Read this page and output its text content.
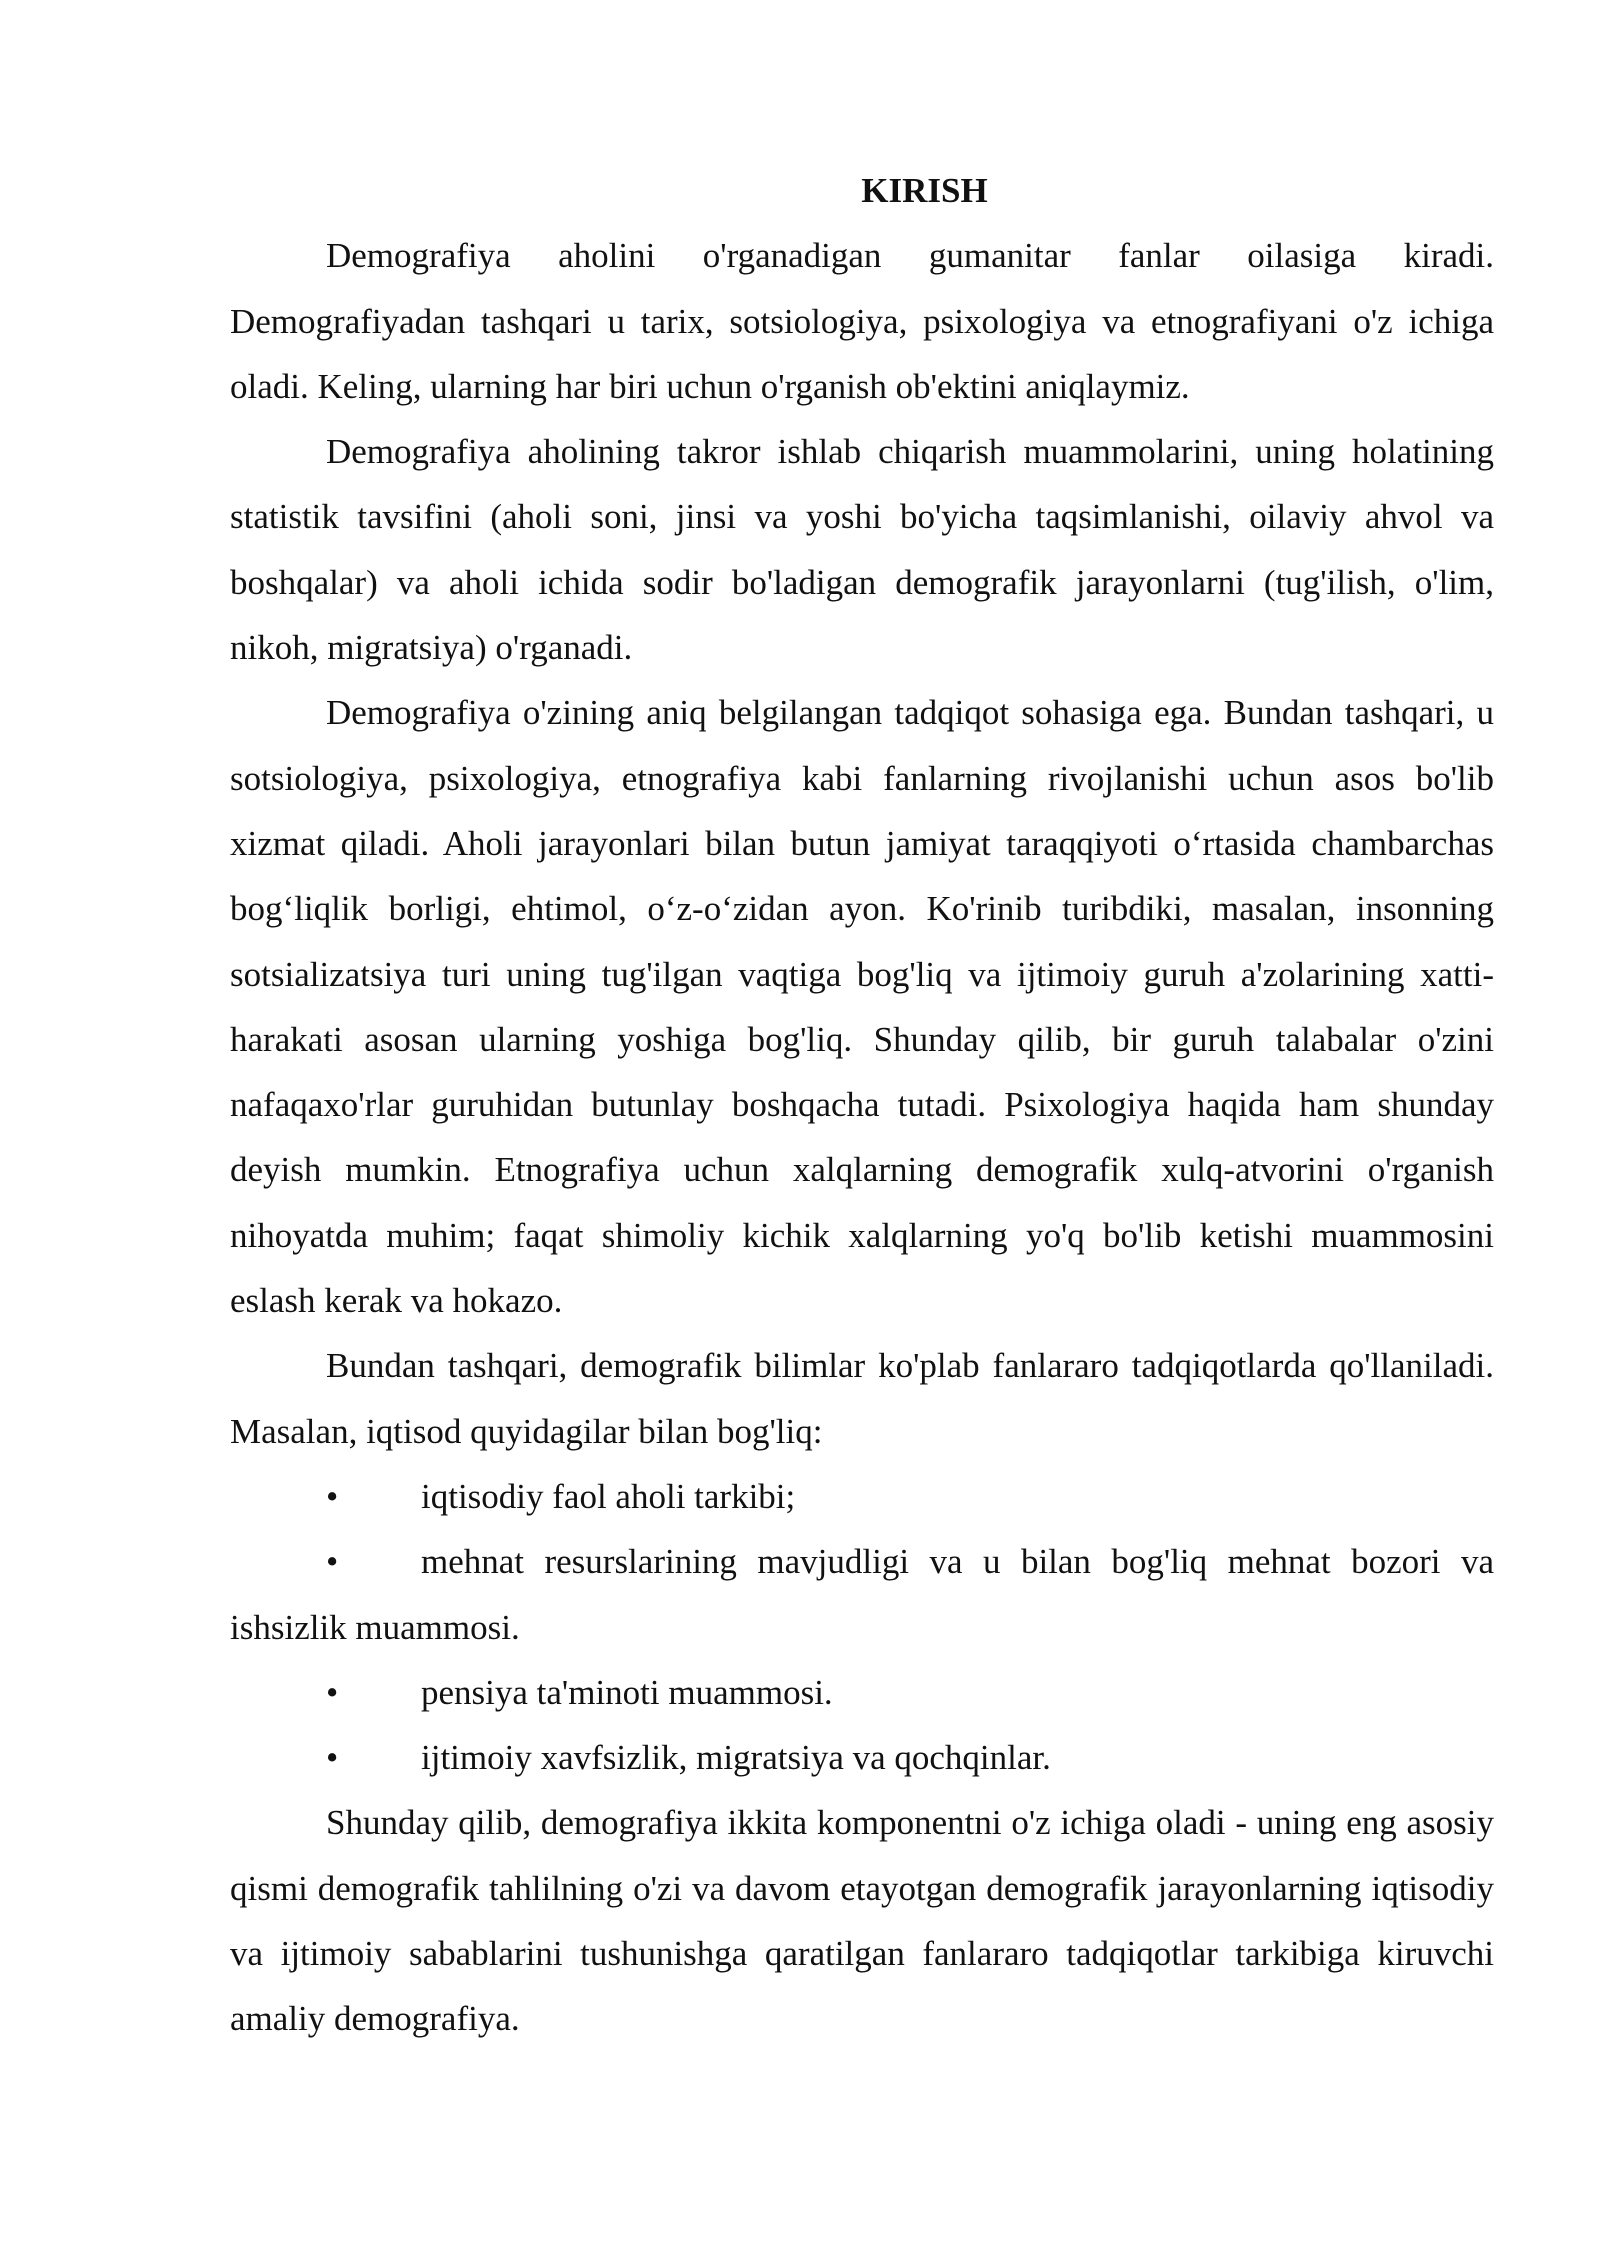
KIRISH

Demografiya aholini o'rganadigan gumanitar fanlar oilasiga kiradi. Demografiyadan tashqari u tarix, sotsiologiya, psixologiya va etnografiyani o'z ichiga oladi. Keling, ularning har biri uchun o'rganish ob'ektini aniqlaymiz.

Demografiya aholining takror ishlab chiqarish muammolarini, uning holatining statistik tavsifini (aholi soni, jinsi va yoshi bo'yicha taqsimlanishi, oilaviy ahvol va boshqalar) va aholi ichida sodir bo'ladigan demografik jarayonlarni (tug'ilish, o'lim, nikoh, migratsiya) o'rganadi.

Demografiya o'zining aniq belgilangan tadqiqot sohasiga ega. Bundan tashqari, u sotsiologiya, psixologiya, etnografiya kabi fanlarning rivojlanishi uchun asos bo'lib xizmat qiladi. Aholi jarayonlari bilan butun jamiyat taraqqiyoti o‘rtasida chambarchas bog‘liqlik borligi, ehtimol, o‘z-o‘zidan ayon. Ko'rinib turibdiki, masalan, insonning sotsializatsiya turi uning tug'ilgan vaqtiga bog'liq va ijtimoiy guruh a'zolarining xatti-harakati asosan ularning yoshiga bog'liq. Shunday qilib, bir guruh talabalar o'zini nafaqaxo'rlar guruhidan butunlay boshqacha tutadi. Psixologiya haqida ham shunday deyish mumkin. Etnografiya uchun xalqlarning demografik xulq-atvorini o'rganish nihoyatda muhim; faqat shimoliy kichik xalqlarning yo'q bo'lib ketishi muammosini eslash kerak va hokazo.

Bundan tashqari, demografik bilimlar ko'plab fanlararo tadqiqotlarda qo'llaniladi. Masalan, iqtisod quyidagilar bilan bog'liq:

• iqtisodiy faol aholi tarkibi;
• mehnat resurslarining mavjudligi va u bilan bog'liq mehnat bozori va ishsizlik muammosi.
• pensiya ta'minoti muammosi.
• ijtimoiy xavfsizlik, migratsiya va qochqinlar.

Shunday qilib, demografiya ikkita komponentni o'z ichiga oladi - uning eng asosiy qismi demografik tahlilning o'zi va davom etayotgan demografik jarayonlarning iqtisodiy va ijtimoiy sabablarini tushunishga qaratilgan fanlararo tadqiqotlar tarkibiga kiruvchi amaliy demografiya.
